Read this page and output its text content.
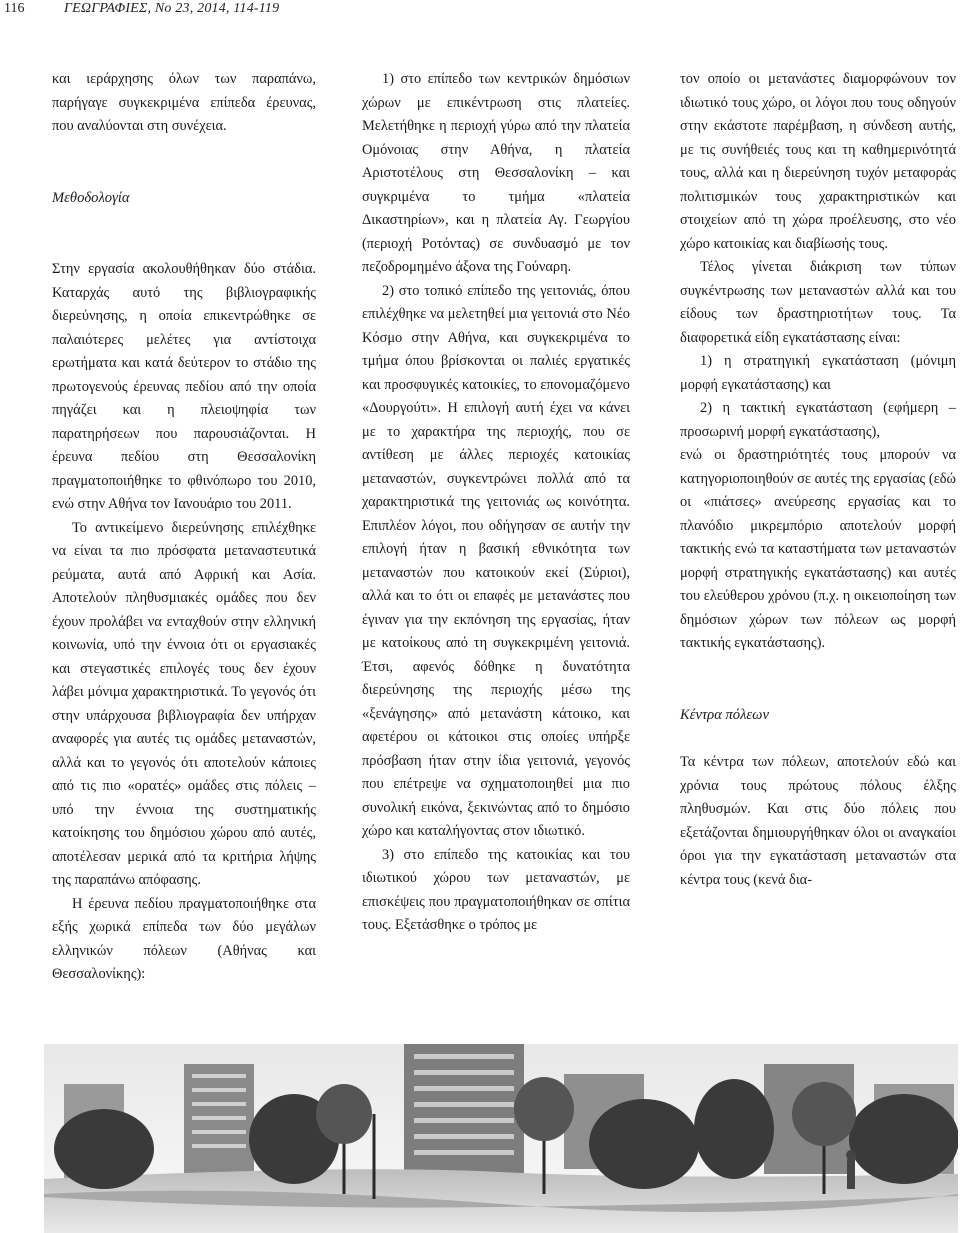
116	ΓΕΩΓΡΑΦΙΕΣ, Νο 23, 2014, 114-119

και ιεράρχησης όλων των παραπάνω, παρήγαγε συγκεκριμένα επίπεδα έρευνας, που αναλύονται στη συνέχεια.

Μεθοδολογία

Στην εργασία ακολουθήθηκαν δύο στάδια. Καταρχάς αυτό της βιβλιογραφικής διερεύνησης, η οποία επικεντρώθηκε σε παλαιότερες μελέτες για αντίστοιχα ερωτήματα και κατά δεύτερον το στάδιο της πρωτογενούς έρευνας πεδίου από την οποία πηγάζει και η πλειοψηφία των παρατηρήσεων που παρουσιάζονται. Η έρευνα πεδίου στη Θεσσαλονίκη πραγματοποιήθηκε το φθινόπωρο του 2010, ενώ στην Αθήνα τον Ιανουάριο του 2011.

Το αντικείμενο διερεύνησης επιλέχθηκε να είναι τα πιο πρόσφατα μεταναστευτικά ρεύματα, αυτά από Αφρική και Ασία. Αποτελούν πληθυσμιακές ομάδες που δεν έχουν προλάβει να ενταχθούν στην ελληνική κοινωνία, υπό την έννοια ότι οι εργασιακές και στεγαστικές επιλογές τους δεν έχουν λάβει μόνιμα χαρακτηριστικά. Το γεγονός ότι στην υπάρχουσα βιβλιογραφία δεν υπήρχαν αναφορές για αυτές τις ομάδες μεταναστών, αλλά και το γεγονός ότι αποτελούν κάποιες από τις πιο «ορατές» ομάδες στις πόλεις – υπό την έννοια της συστηματικής κατοίκησης του δημόσιου χώρου από αυτές, αποτέλεσαν μερικά από τα κριτήρια λήψης της παραπάνω απόφασης.

Η έρευνα πεδίου πραγματοποιήθηκε στα εξής χωρικά επίπεδα των δύο μεγάλων ελληνικών πόλεων (Αθήνας και Θεσσαλονίκης):

1) στο επίπεδο των κεντρικών δημόσιων χώρων με επικέντρωση στις πλατείες. Μελετήθηκε η περιοχή γύρω από την πλατεία Ομόνοιας στην Αθήνα, η πλατεία Αριστοτέλους στη Θεσσαλονίκη – και συγκριμένα το τμήμα «πλατεία Δικαστηρίων», και η πλατεία Αγ. Γεωργίου (περιοχή Ροτόντας) σε συνδυασμό με τον πεζοδρομημένο άξονα της Γούναρη.

2) στο τοπικό επίπεδο της γειτονιάς, όπου επιλέχθηκε να μελετηθεί μια γειτονιά στο Νέο Κόσμο στην Αθήνα, και συγκεκριμένα το τμήμα όπου βρίσκονται οι παλιές εργατικές και προσφυγικές κατοικίες, το επονομαζόμενο «Δουργούτι». Η επιλογή αυτή έχει να κάνει με το χαρακτήρα της περιοχής, που σε αντίθεση με άλλες περιοχές κατοικίας μεταναστών, συγκεντρώνει πολλά από τα χαρακτηριστικά της γειτονιάς ως κοινότητα. Επιπλέον λόγοι, που οδήγησαν σε αυτήν την επιλογή ήταν η βασική εθνικότητα των μεταναστών που κατοικούν εκεί (Σύριοι), αλλά και το ότι οι επαφές με μετανάστες που έγιναν για την εκπόνηση της εργασίας, ήταν με κατοίκους από τη συγκεκριμένη γειτονιά. Έτσι, αφενός δόθηκε η δυνατότητα διερεύνησης της περιοχής μέσω της «ξενάγησης» από μετανάστη κάτοικο, και αφετέρου οι κάτοικοι στις οποίες υπήρξε πρόσβαση ήταν στην ίδια γειτονιά, γεγονός που επέτρεψε να σχηματοποιηθεί μια πιο συνολική εικόνα, ξεκινώντας από το δημόσιο χώρο και καταλήγοντας στον ιδιωτικό.

3) στο επίπεδο της κατοικίας και του ιδιωτικού χώρου των μεταναστών, με επισκέψεις που πραγματοποιήθηκαν σε σπίτια τους. Εξετάσθηκε ο τρόπος με

τον οποίο οι μετανάστες διαμορφώνουν τον ιδιωτικό τους χώρο, οι λόγοι που τους οδηγούν στην εκάστοτε παρέμβαση, η σύνδεση αυτής, με τις συνήθειές τους και τη καθημερινότητά τους, αλλά και η διερεύνηση τυχόν μεταφοράς πολιτισμικών τους χαρακτηριστικών και στοιχείων από τη χώρα προέλευσης, στο νέο χώρο κατοικίας και διαβίωσής τους.

Τέλος γίνεται διάκριση των τύπων συγκέντρωσης των μεταναστών αλλά και του είδους των δραστηριοτήτων τους. Τα διαφορετικά είδη εγκατάστασης είναι:

1) η στρατηγική εγκατάσταση (μόνιμη μορφή εγκατάστασης) και

2) η τακτική εγκατάσταση (εφήμερη – προσωρινή μορφή εγκατάστασης),

ενώ οι δραστηριότητές τους μπορούν να κατηγοριοποιηθούν σε αυτές της εργασίας (εδώ οι «πιάτσες» ανεύρεσης εργασίας και το πλανόδιο μικρεμπόριο αποτελούν μορφή τακτικής ενώ τα καταστήματα των μεταναστών μορφή στρατηγικής εγκατάστασης) και αυτές του ελεύθερου χρόνου (π.χ. η οικειοποίηση των δημόσιων χώρων των πόλεων ως μορφή τακτικής εγκατάστασης).

Κέντρα πόλεων

Τα κέντρα των πόλεων, αποτελούν εδώ και χρόνια τους πρώτους πόλους έλξης πληθυσμών. Και στις δύο πόλεις που εξετάζονται δημιουργήθηκαν όλοι οι αναγκαίοι όροι για την εγκατάσταση μεταναστών στα κέντρα τους (κενά δια-
